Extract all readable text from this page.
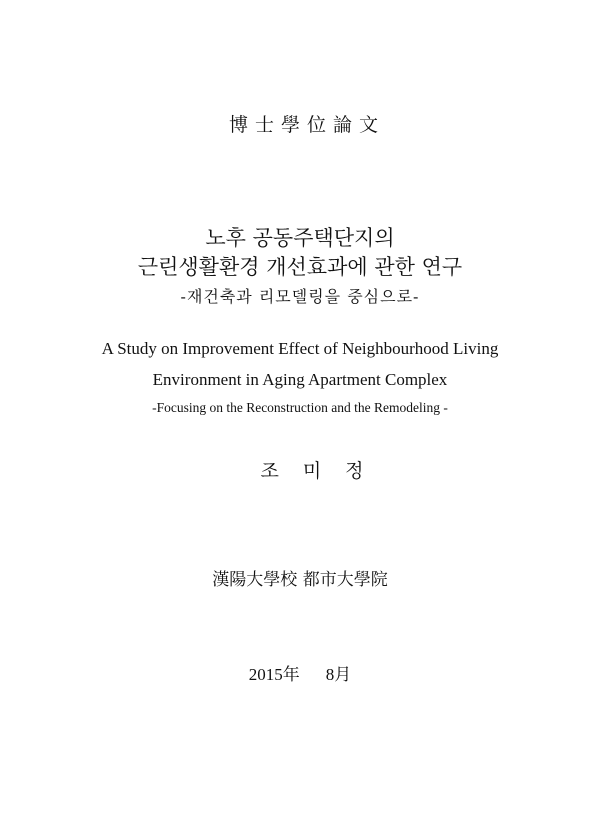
博士學位論文
노후 공동주택단지의
근린생활환경 개선효과에 관한 연구
-재건축과 리모델링을 중심으로-
A Study on Improvement Effect of Neighbourhood Living
Environment in Aging Apartment Complex
-Focusing on the Reconstruction and the Remodeling -
조미정
漢陽大學校 都市大學院
2015年 8月
